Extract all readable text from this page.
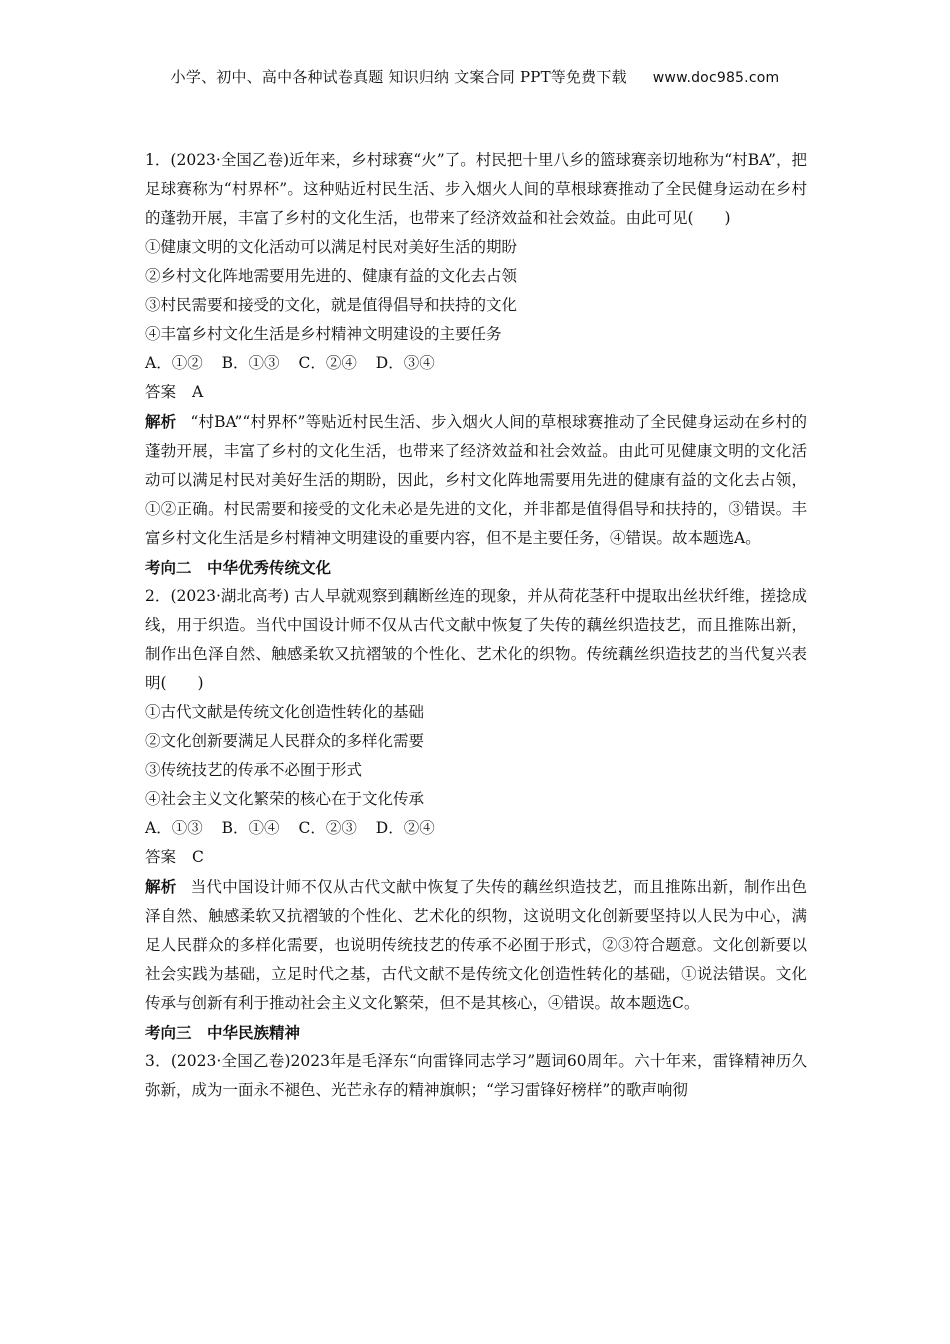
小学、初中、高中各种试卷真题 知识归纳 文案合同 PPT等免费下载 www.doc985.com

1．(2023·全国乙卷)近年来，乡村球赛“火”了。村民把十里八乡的篮球赛亲切地称为“村BA”，把足球赛称为“村界杯”。这种贴近村民生活、步入烟火人间的草根球赛推动了全民健身运动在乡村的蓬勃开展，丰富了乡村的文化生活，也带来了经济效益和社会效益。由此可见(　　)

①健康文明的文化活动可以满足村民对美好生活的期盼

②乡村文化阵地需要用先进的、健康有益的文化去占领

③村民需要和接受的文化，就是值得倡导和扶持的文化

④丰富乡村文化生活是乡村精神文明建设的主要任务

A．①② B．①③ C．②④ D．③④

答案 A

解析 “村BA”“村界杯”等贴近村民生活、步入烟火人间的草根球赛推动了全民健身运动在乡村的蓬勃开展，丰富了乡村的文化生活，也带来了经济效益和社会效益。由此可见健康文明的文化活动可以满足村民对美好生活的期盼，因此，乡村文化阵地需要用先进的健康有益的文化去占领，①②正确。村民需要和接受的文化未必是先进的文化，并非都是值得倡导和扶持的，③错误。丰富乡村文化生活是乡村精神文明建设的重要内容，但不是主要任务，④错误。故本题选A。

考向二　中华优秀传统文化

2．(2023·湖北高考) 古人早就观察到藕断丝连的现象，并从荷花茎秆中提取出丝状纤维，搓捻成线，用于织造。当代中国设计师不仅从古代文献中恢复了失传的藕丝织造技艺，而且推陈出新，制作出色泽自然、触感柔软又抗褶皱的个性化、艺术化的织物。传统藕丝织造技艺的当代复兴表明(　　)

①古代文献是传统文化创造性转化的基础

②文化创新要满足人民群众的多样化需要

③传统技艺的传承不必囿于形式

④社会主义文化繁荣的核心在于文化传承

A．①③ B．①④ C．②③ D．②④

答案 C

解析 当代中国设计师不仅从古代文献中恢复了失传的藕丝织造技艺，而且推陈出新，制作出色泽自然、触感柔软又抗褶皱的个性化、艺术化的织物，这说明文化创新要坚持以人民为中心，满足人民群众的多样化需要，也说明传统技艺的传承不必囿于形式，②③符合题意。文化创新要以社会实践为基础，立足时代之基，古代文献不是传统文化创造性转化的基础，①说法错误。文化传承与创新有利于推动社会主义文化繁荣，但不是其核心，④错误。故本题选C。

考向三　中华民族精神

3．(2023·全国乙卷)2023年是毛泽东“向雷锋同志学习”题词60周年。六十年来，雷锋精神历久弥新，成为一面永不褪色、光芒永存的精神旗帜；“学习雷锋好榜样”的歌声响彻
